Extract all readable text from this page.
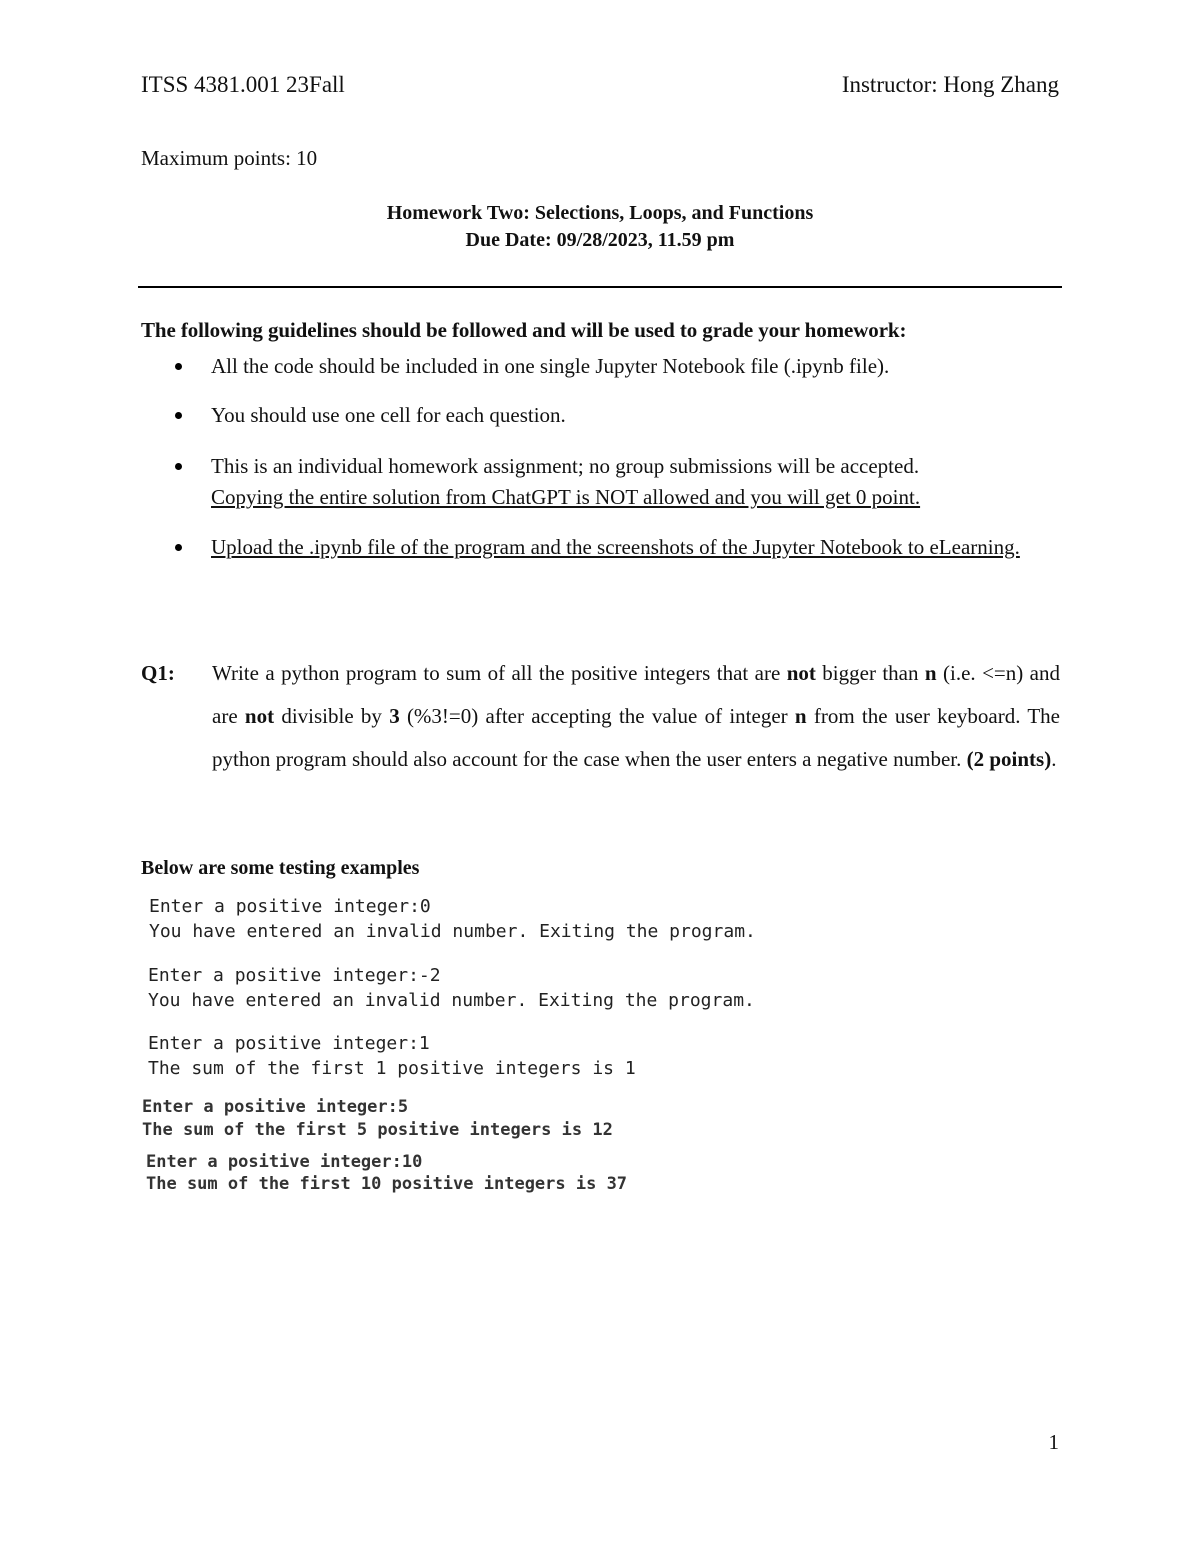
ITSS 4381.001 23Fall	Instructor: Hong Zhang
Maximum points: 10
Homework Two: Selections, Loops, and Functions
Due Date: 09/28/2023, 11.59 pm
The following guidelines should be followed and will be used to grade your homework:
All the code should be included in one single Jupyter Notebook file (.ipynb file).
You should use one cell for each question.
This is an individual homework assignment; no group submissions will be accepted.
Copying the entire solution from ChatGPT is NOT allowed and you will get 0 point.
Upload the .ipynb file of the program and the screenshots of the Jupyter Notebook to eLearning.
Q1: Write a python program to sum of all the positive integers that are not bigger than n (i.e. <=n) and are not divisible by 3 (%3!=0) after accepting the value of integer n from the user keyboard. The python program should also account for the case when the user enters a negative number. (2 points).
Below are some testing examples
Enter a positive integer:0
You have entered an invalid number. Exiting the program.
Enter a positive integer:-2
You have entered an invalid number. Exiting the program.
Enter a positive integer:1
The sum of the first 1 positive integers is 1
Enter a positive integer:5
The sum of the first 5 positive integers is 12
Enter a positive integer:10
The sum of the first 10 positive integers is 37
1
